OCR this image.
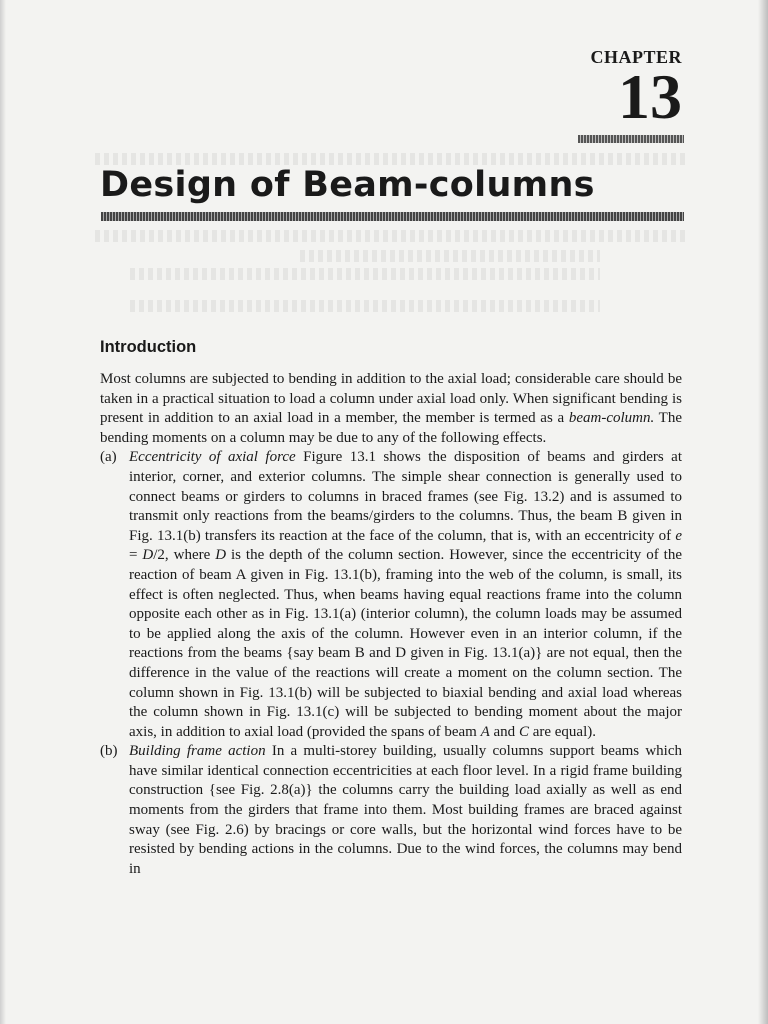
CHAPTER
13
Design of Beam-columns
Introduction

Most columns are subjected to bending in addition to the axial load; considerable care should be taken in a practical situation to load a column under axial load only. When significant bending is present in addition to an axial load in a member, the member is termed as a beam-column. The bending moments on a column may be due to any of the following effects.

(a) Eccentricity of axial force Figure 13.1 shows the disposition of beams and girders at interior, corner, and exterior columns. The simple shear connection is generally used to connect beams or girders to columns in braced frames (see Fig. 13.2) and is assumed to transmit only reactions from the beams/girders to the columns. Thus, the beam B given in Fig. 13.1(b) transfers its reaction at the face of the column, that is, with an eccentricity of e = D/2, where D is the depth of the column section. However, since the eccentricity of the reaction of beam A given in Fig. 13.1(b), framing into the web of the column, is small, its effect is often neglected. Thus, when beams having equal reactions frame into the column opposite each other as in Fig. 13.1(a) (interior column), the column loads may be assumed to be applied along the axis of the column. However even in an interior column, if the reactions from the beams {say beam B and D given in Fig. 13.1(a)} are not equal, then the difference in the value of the reactions will create a moment on the column section. The column shown in Fig. 13.1(b) will be subjected to biaxial bending and axial load whereas the column shown in Fig. 13.1(c) will be subjected to bending moment about the major axis, in addition to axial load (provided the spans of beam A and C are equal).
(b) Building frame action In a multi-storey building, usually columns support beams which have similar identical connection eccentricities at each floor level. In a rigid frame building construction {see Fig. 2.8(a)} the columns carry the building load axially as well as end moments from the girders that frame into them. Most building frames are braced against sway (see Fig. 2.6) by bracings or core walls, but the horizontal wind forces have to be resisted by bending actions in the columns. Due to the wind forces, the columns may bend in
